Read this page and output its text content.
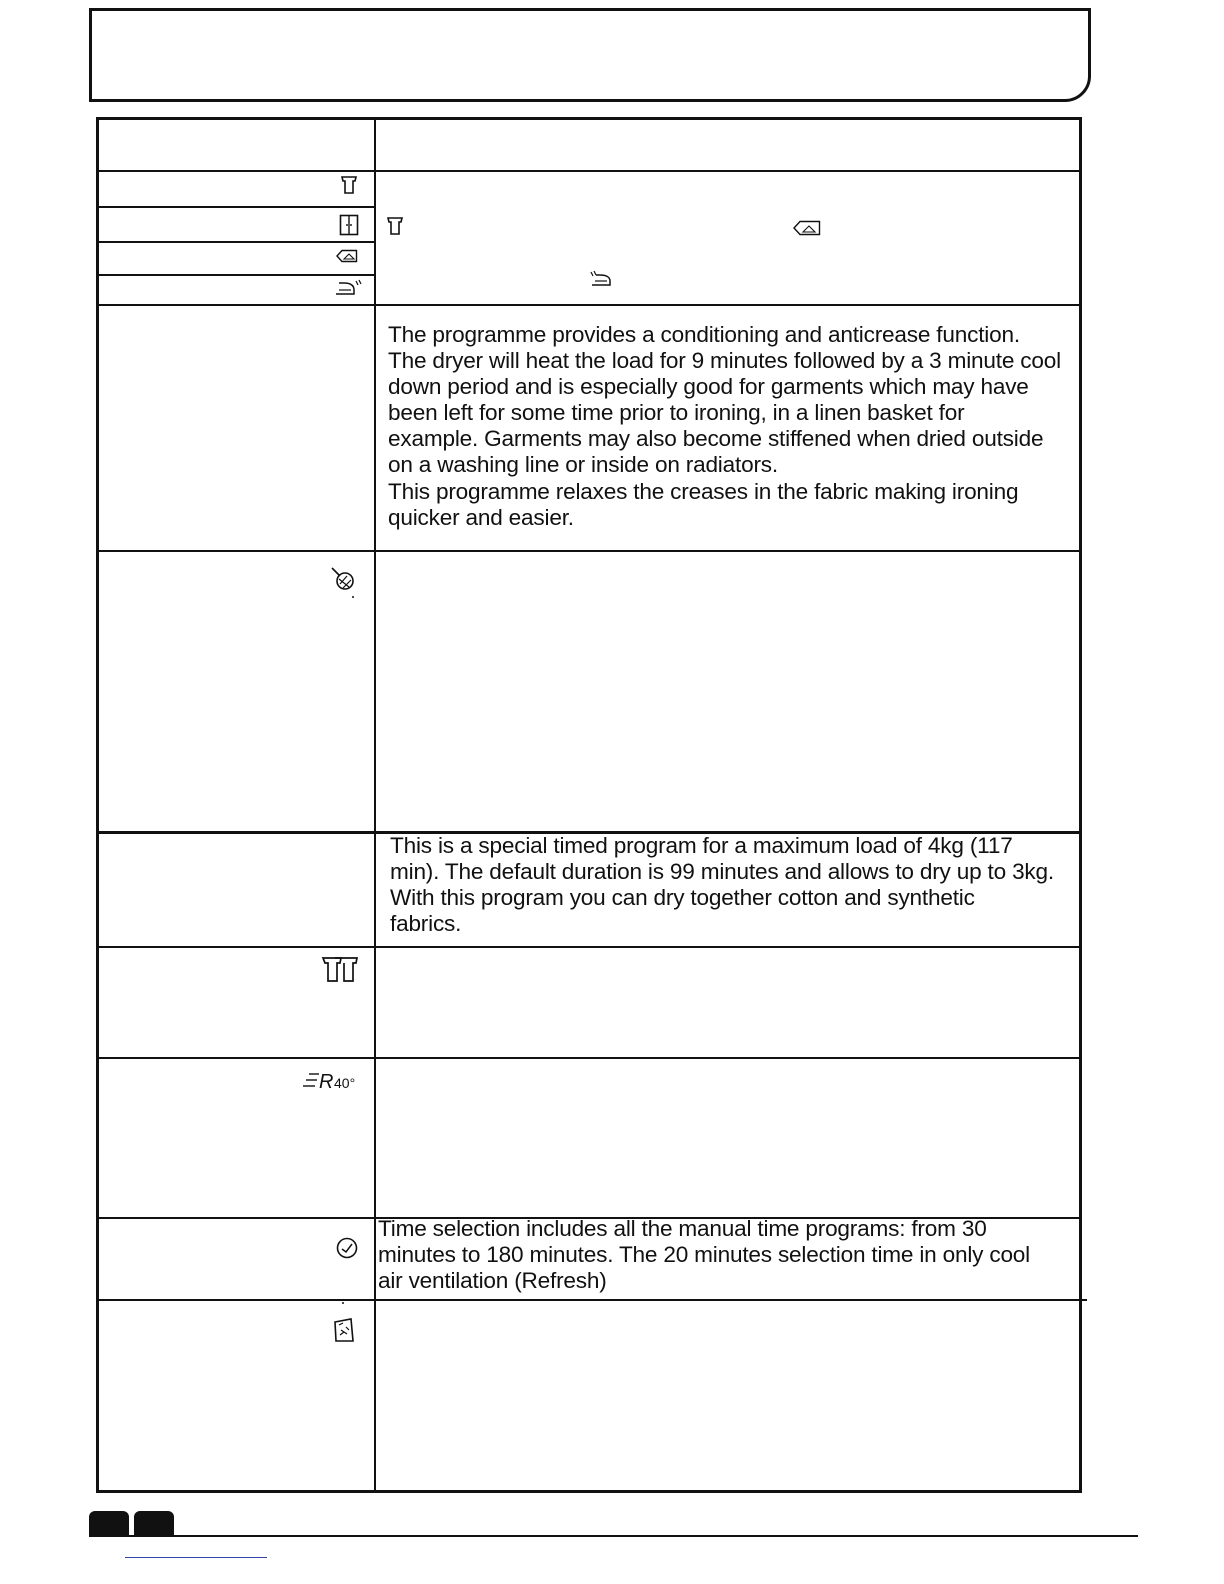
R 40°

The programme provides a conditioning and anticrease function.
The dryer will heat the load for 9 minutes followed by a 3 minute cool
down period and is especially good for garments which may have
been left for some time prior to ironing, in a linen basket for
example. Garments may also become stiffened when dried outside
on a washing line or inside on radiators.

This programme relaxes the creases in the fabric making ironing
quicker and easier.

This is a special timed program for a maximum load of 4kg (117
min). The default duration is 99 minutes and allows to dry up to 3kg.
With this program you can dry together cotton and synthetic
fabrics.

Time selection includes all the manual time programs: from 30
minutes to 180 minutes. The 20 minutes selection time in only cool
air ventilation (Refresh)
